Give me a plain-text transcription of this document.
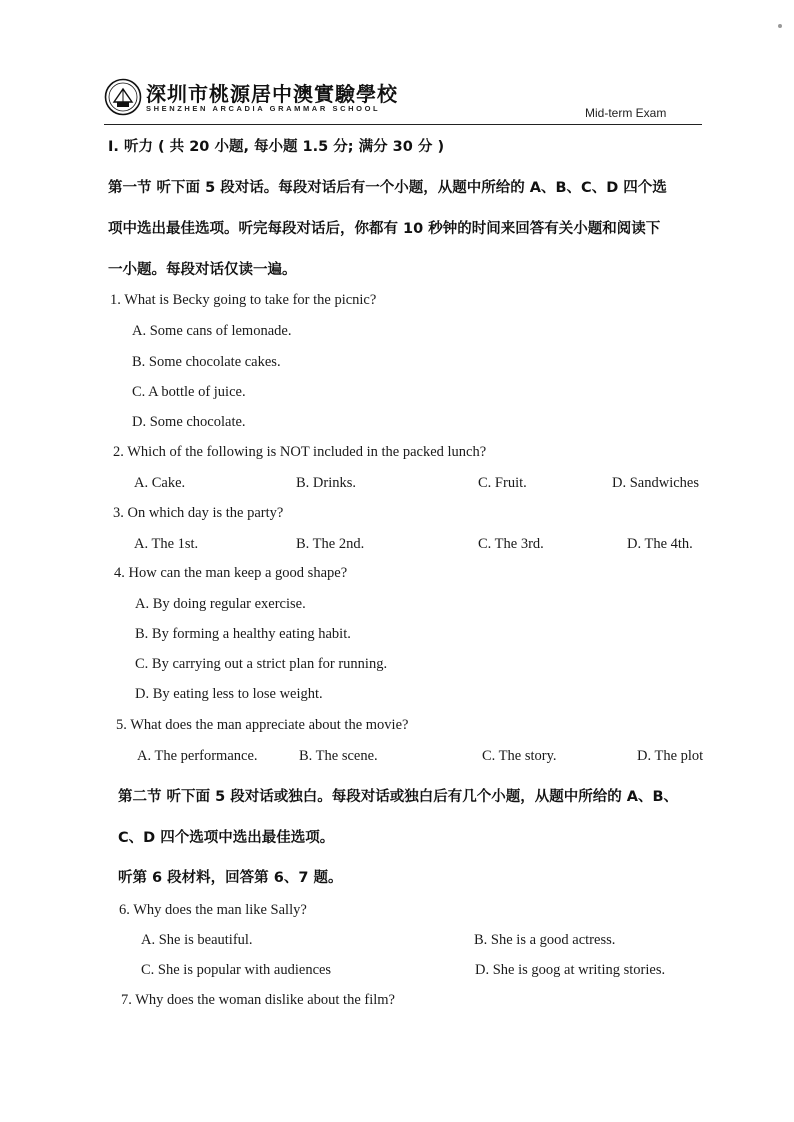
深圳市桃源居中澳實驗學校
SHENZHEN ARCADIA GRAMMAR SCHOOL	Mid-term Exam
I. 听力 ( 共 20 小题, 每小题 1.5 分; 满分 30 分 )
第一节 听下面 5 段对话。每段对话后有一个小题，从题中所给的 A、B、C、D 四个选
项中选出最佳选项。听完每段对话后，你都有 10 秒钟的时间来回答有关小题和阅读下
一小题。每段对话仅读一遍。
1. What is Becky going to take for the picnic?
A. Some cans of lemonade.
B. Some chocolate cakes.
C. A bottle of juice.
D. Some chocolate.
2. Which of the following is NOT included in the packed lunch?
A. Cake.	B. Drinks.	C. Fruit.	D. Sandwiches
3. On which day is the party?
A. The 1st.	B. The 2nd.	C. The 3rd.	D. The 4th.
4. How can the man keep a good shape?
A. By doing regular exercise.
B. By forming a healthy eating habit.
C. By carrying out a strict plan for running.
D. By eating less to lose weight.
5. What does the man appreciate about the movie?
A. The performance.	B. The scene.	C. The story.	D. The plot
第二节 听下面 5 段对话或独白。每段对话或独白后有几个小题，从题中所给的 A、B、
C、D 四个选项中选出最佳选项。
听第 6 段材料，回答第 6、7 题。
6. Why does the man like Sally?
A. She is beautiful.	B. She is a good actress.
C. She is popular with audiences	D. She is goog at writing stories.
7. Why does the woman dislike about the film?
